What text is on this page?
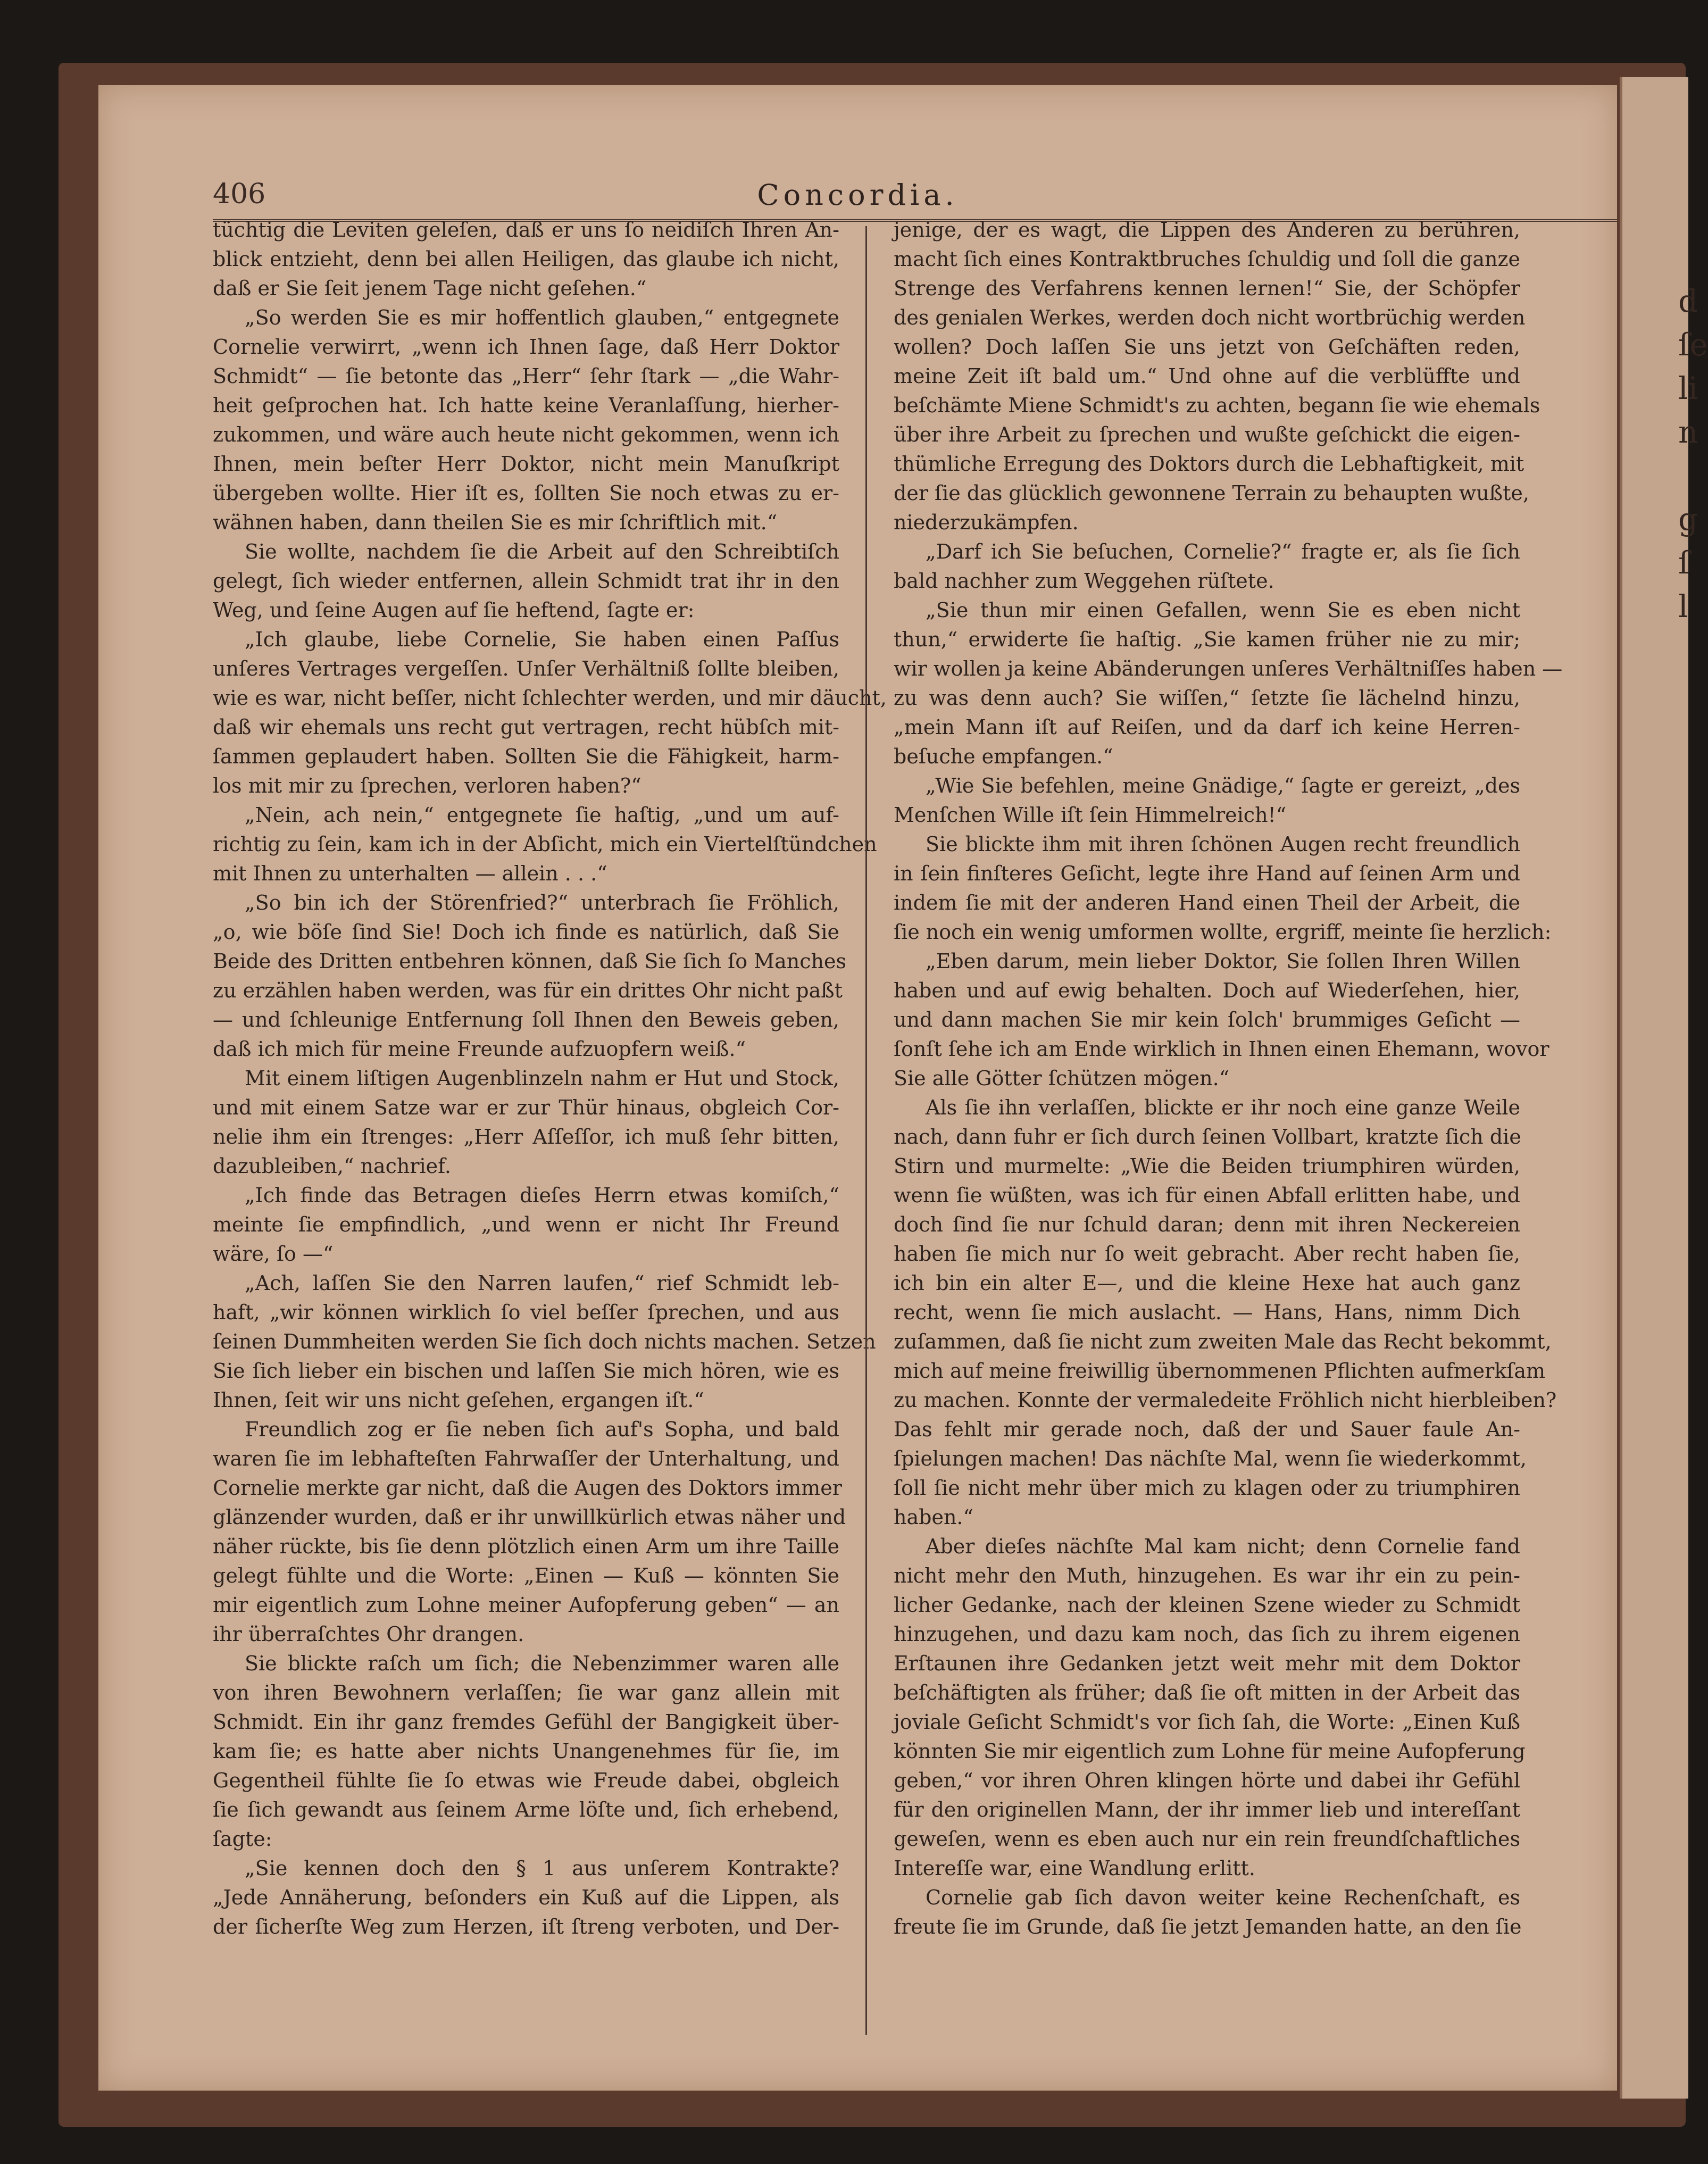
406	Concordia.
tüchtig die Leviten geleſen, daß er uns ſo neidiſch Ihren An-
blick entzieht, denn bei allen Heiligen, das glaube ich nicht,
daß er Sie ſeit jenem Tage nicht geſehen.“
„So werden Sie es mir hoffentlich glauben,“ entgegnete
Cornelie verwirrt, „wenn ich Ihnen ſage, daß Herr Doktor
Schmidt“ — ſie betonte das „Herr“ ſehr ſtark — „die Wahr-
heit geſprochen hat. Ich hatte keine Veranlaſſung, hierher-
zukommen, und wäre auch heute nicht gekommen, wenn ich
Ihnen, mein beſter Herr Doktor, nicht mein Manuſkript
übergeben wollte. Hier iſt es, ſollten Sie noch etwas zu er-
wähnen haben, dann theilen Sie es mir ſchriftlich mit.“
Sie wollte, nachdem ſie die Arbeit auf den Schreibtiſch
gelegt, ſich wieder entfernen, allein Schmidt trat ihr in den
Weg, und ſeine Augen auf ſie heftend, ſagte er:
„Ich glaube, liebe Cornelie, Sie haben einen Paſſus
unſeres Vertrages vergeſſen. Unſer Verhältniß ſollte bleiben,
wie es war, nicht beſſer, nicht ſchlechter werden, und mir däucht,
daß wir ehemals uns recht gut vertragen, recht hübſch mit-
ſammen geplaudert haben. Sollten Sie die Fähigkeit, harm-
los mit mir zu ſprechen, verloren haben?“
„Nein, ach nein,“ entgegnete ſie haſtig, „und um auf-
richtig zu ſein, kam ich in der Abſicht, mich ein Viertelſtündchen
mit Ihnen zu unterhalten — allein . . .“
„So bin ich der Störenfried?“ unterbrach ſie Fröhlich,
„o, wie böſe ſind Sie! Doch ich finde es natürlich, daß Sie
Beide des Dritten entbehren können, daß Sie ſich ſo Manches
zu erzählen haben werden, was für ein drittes Ohr nicht paßt
— und ſchleunige Entfernung ſoll Ihnen den Beweis geben,
daß ich mich für meine Freunde aufzuopfern weiß.“
Mit einem liſtigen Augenblinzeln nahm er Hut und Stock,
und mit einem Satze war er zur Thür hinaus, obgleich Cor-
nelie ihm ein ſtrenges: „Herr Aſſeſſor, ich muß ſehr bitten,
dazubleiben,“ nachrief.
„Ich finde das Betragen dieſes Herrn etwas komiſch,“
meinte ſie empfindlich, „und wenn er nicht Ihr Freund
wäre, ſo —“
„Ach, laſſen Sie den Narren laufen,“ rief Schmidt leb-
haft, „wir können wirklich ſo viel beſſer ſprechen, und aus
ſeinen Dummheiten werden Sie ſich doch nichts machen. Setzen
Sie ſich lieber ein bischen und laſſen Sie mich hören, wie es
Ihnen, ſeit wir uns nicht geſehen, ergangen iſt.“
Freundlich zog er ſie neben ſich auf's Sopha, und bald
waren ſie im lebhafteſten Fahrwaſſer der Unterhaltung, und
Cornelie merkte gar nicht, daß die Augen des Doktors immer
glänzender wurden, daß er ihr unwillkürlich etwas näher und
näher rückte, bis ſie denn plötzlich einen Arm um ihre Taille
gelegt fühlte und die Worte: „Einen — Kuß — könnten Sie
mir eigentlich zum Lohne meiner Aufopferung geben“ — an
ihr überraſchtes Ohr drangen.
Sie blickte raſch um ſich; die Nebenzimmer waren alle
von ihren Bewohnern verlaſſen; ſie war ganz allein mit
Schmidt. Ein ihr ganz fremdes Gefühl der Bangigkeit über-
kam ſie; es hatte aber nichts Unangenehmes für ſie, im
Gegentheil fühlte ſie ſo etwas wie Freude dabei, obgleich
ſie ſich gewandt aus ſeinem Arme löſte und, ſich erhebend,
ſagte:
„Sie kennen doch den § 1 aus unſerem Kontrakte?
„Jede Annäherung, beſonders ein Kuß auf die Lippen, als
der ſicherſte Weg zum Herzen, iſt ſtreng verboten, und Der-
jenige, der es wagt, die Lippen des Anderen zu berühren,
macht ſich eines Kontraktbruches ſchuldig und ſoll die ganze
Strenge des Verfahrens kennen lernen!“ Sie, der Schöpfer
des genialen Werkes, werden doch nicht wortbrüchig werden
wollen? Doch laſſen Sie uns jetzt von Geſchäften reden,
meine Zeit iſt bald um.“ Und ohne auf die verblüffte und
beſchämte Miene Schmidt's zu achten, begann ſie wie ehemals
über ihre Arbeit zu ſprechen und wußte geſchickt die eigen-
thümliche Erregung des Doktors durch die Lebhaftigkeit, mit
der ſie das glücklich gewonnene Terrain zu behaupten wußte,
niederzukämpfen.
„Darf ich Sie beſuchen, Cornelie?“ fragte er, als ſie ſich
bald nachher zum Weggehen rüſtete.
„Sie thun mir einen Gefallen, wenn Sie es eben nicht
thun,“ erwiderte ſie haſtig. „Sie kamen früher nie zu mir;
wir wollen ja keine Abänderungen unſeres Verhältniſſes haben —
zu was denn auch? Sie wiſſen,“ ſetzte ſie lächelnd hinzu,
„mein Mann iſt auf Reiſen, und da darf ich keine Herren-
beſuche empfangen.“
„Wie Sie befehlen, meine Gnädige,“ ſagte er gereizt, „des
Menſchen Wille iſt ſein Himmelreich!“
Sie blickte ihm mit ihren ſchönen Augen recht freundlich
in ſein finſteres Geſicht, legte ihre Hand auf ſeinen Arm und
indem ſie mit der anderen Hand einen Theil der Arbeit, die
ſie noch ein wenig umformen wollte, ergriff, meinte ſie herzlich:
„Eben darum, mein lieber Doktor, Sie ſollen Ihren Willen
haben und auf ewig behalten. Doch auf Wiederſehen, hier,
und dann machen Sie mir kein ſolch' brummiges Geſicht —
ſonſt ſehe ich am Ende wirklich in Ihnen einen Ehemann, wovor
Sie alle Götter ſchützen mögen.“
Als ſie ihn verlaſſen, blickte er ihr noch eine ganze Weile
nach, dann fuhr er ſich durch ſeinen Vollbart, kratzte ſich die
Stirn und murmelte: „Wie die Beiden triumphiren würden,
wenn ſie wüßten, was ich für einen Abfall erlitten habe, und
doch ſind ſie nur ſchuld daran; denn mit ihren Neckereien
haben ſie mich nur ſo weit gebracht. Aber recht haben ſie,
ich bin ein alter E—, und die kleine Hexe hat auch ganz
recht, wenn ſie mich auslacht. — Hans, Hans, nimm Dich
zuſammen, daß ſie nicht zum zweiten Male das Recht bekommt,
mich auf meine freiwillig übernommenen Pflichten aufmerkſam
zu machen. Konnte der vermaledeite Fröhlich nicht hierbleiben?
Das fehlt mir gerade noch, daß der und Sauer faule An-
ſpielungen machen! Das nächſte Mal, wenn ſie wiederkommt,
ſoll ſie nicht mehr über mich zu klagen oder zu triumphiren
haben.“
Aber dieſes nächſte Mal kam nicht; denn Cornelie fand
nicht mehr den Muth, hinzugehen. Es war ihr ein zu pein-
licher Gedanke, nach der kleinen Szene wieder zu Schmidt
hinzugehen, und dazu kam noch, das ſich zu ihrem eigenen
Erſtaunen ihre Gedanken jetzt weit mehr mit dem Doktor
beſchäftigten als früher; daß ſie oft mitten in der Arbeit das
joviale Geſicht Schmidt's vor ſich ſah, die Worte: „Einen Kuß
könnten Sie mir eigentlich zum Lohne für meine Aufopferung
geben,“ vor ihren Ohren klingen hörte und dabei ihr Gefühl
für den originellen Mann, der ihr immer lieb und intereſſant
geweſen, wenn es eben auch nur ein rein freundſchaftliches
Intereſſe war, eine Wandlung erlitt.
Cornelie gab ſich davon weiter keine Rechenſchaft, es
freute ſie im Grunde, daß ſie jetzt Jemanden hatte, an den ſie
d
ſe
li
n

g
ſ
l
